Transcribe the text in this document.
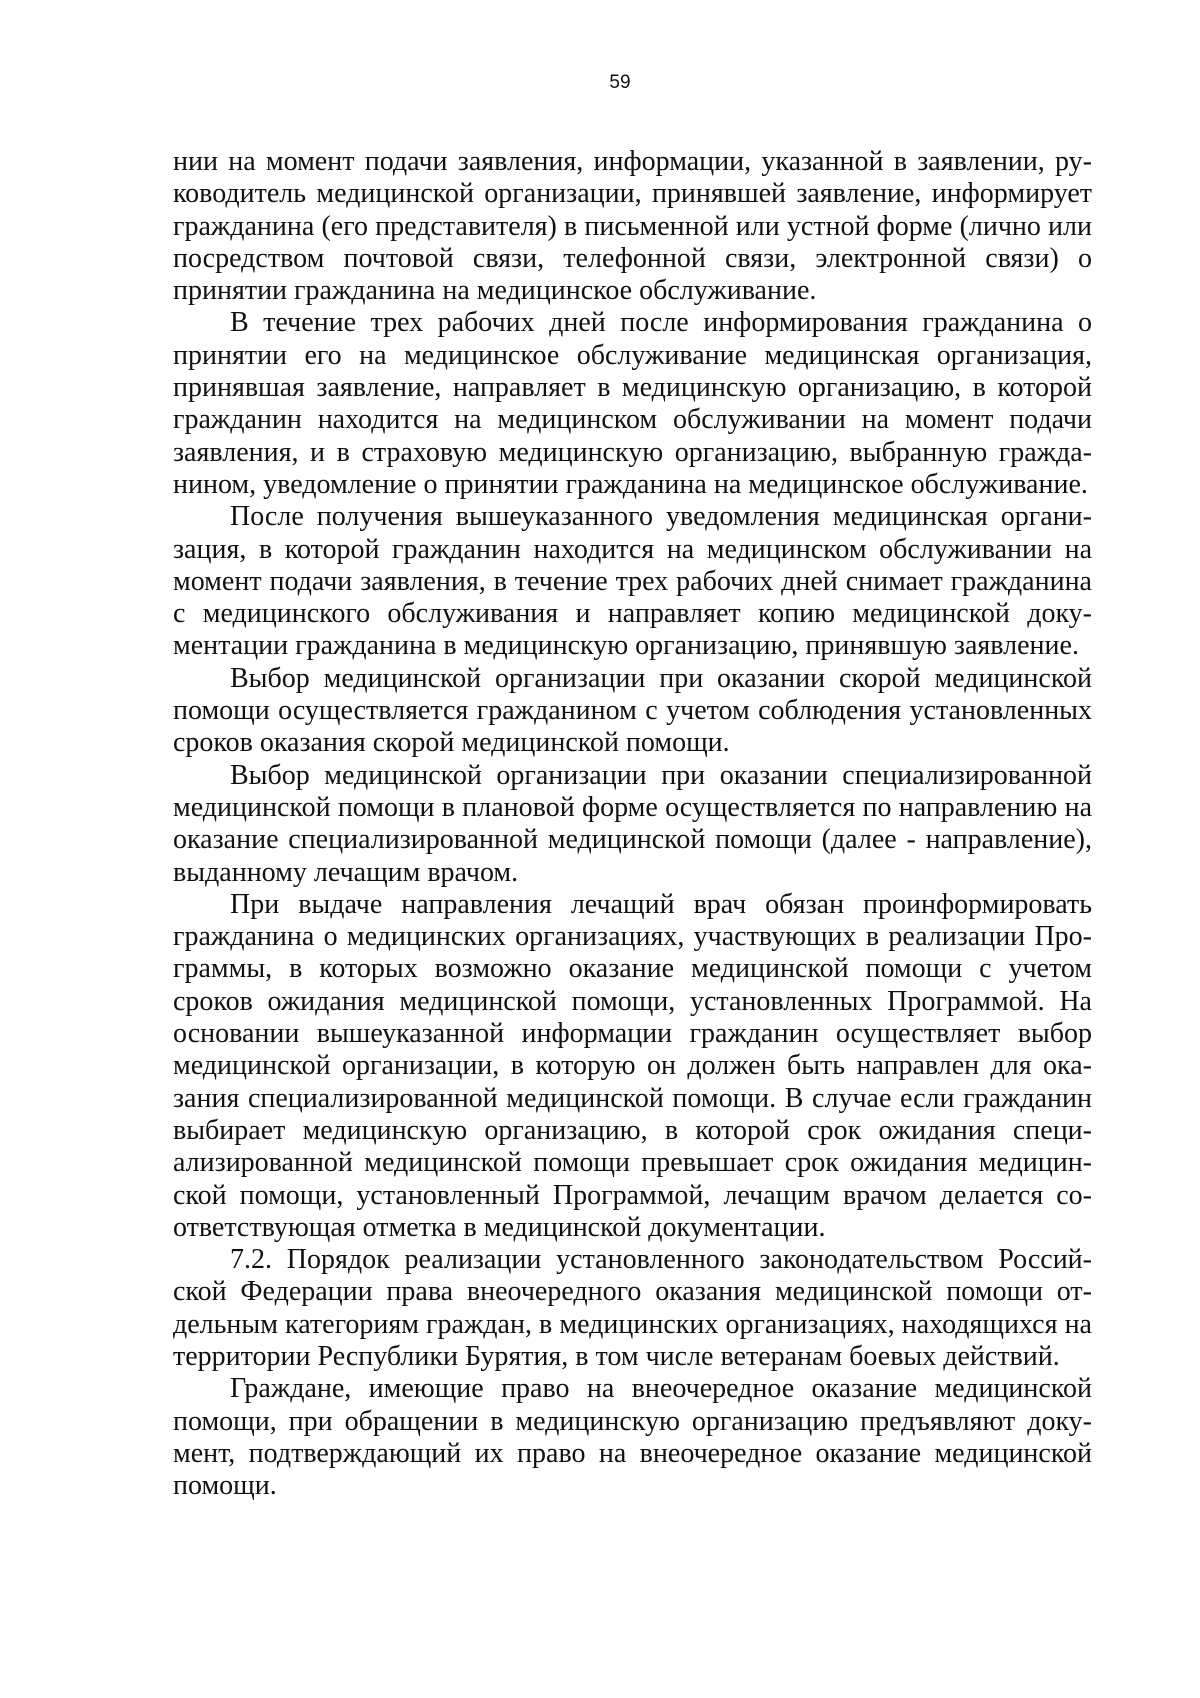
59

нии на момент подачи заявления, информации, указанной в заявлении, руководитель медицинской организации, принявшей заявление, информирует гражданина (его представителя) в письменной или устной форме (лично или посредством почтовой связи, телефонной связи, электронной связи) о принятии гражданина на медицинское обслуживание.

В течение трех рабочих дней после информирования гражданина о принятии его на медицинское обслуживание медицинская организация, принявшая заявление, направляет в медицинскую организацию, в которой гражданин находится на медицинском обслуживании на момент подачи заявления, и в страховую медицинскую организацию, выбранную гражданином, уведомление о принятии гражданина на медицинское обслуживание.

После получения вышеуказанного уведомления медицинская организация, в которой гражданин находится на медицинском обслуживании на момент подачи заявления, в течение трех рабочих дней снимает гражданина с медицинского обслуживания и направляет копию медицинской документации гражданина в медицинскую организацию, принявшую заявление.

Выбор медицинской организации при оказании скорой медицинской помощи осуществляется гражданином с учетом соблюдения установленных сроков оказания скорой медицинской помощи.

Выбор медицинской организации при оказании специализированной медицинской помощи в плановой форме осуществляется по направлению на оказание специализированной медицинской помощи (далее - направление), выданному лечащим врачом.

При выдаче направления лечащий врач обязан проинформировать гражданина о медицинских организациях, участвующих в реализации Программы, в которых возможно оказание медицинской помощи с учетом сроков ожидания медицинской помощи, установленных Программой. На основании вышеуказанной информации гражданин осуществляет выбор медицинской организации, в которую он должен быть направлен для оказания специализированной медицинской помощи. В случае если гражданин выбирает медицинскую организацию, в которой срок ожидания специализированной медицинской помощи превышает срок ожидания медицинской помощи, установленный Программой, лечащим врачом делается соответствующая отметка в медицинской документации.

7.2. Порядок реализации установленного законодательством Российской Федерации права внеочередного оказания медицинской помощи отдельным категориям граждан, в медицинских организациях, находящихся на территории Республики Бурятия, в том числе ветеранам боевых действий.

Граждане, имеющие право на внеочередное оказание медицинской помощи, при обращении в медицинскую организацию предъявляют документ, подтверждающий их право на внеочередное оказание медицинской помощи.
